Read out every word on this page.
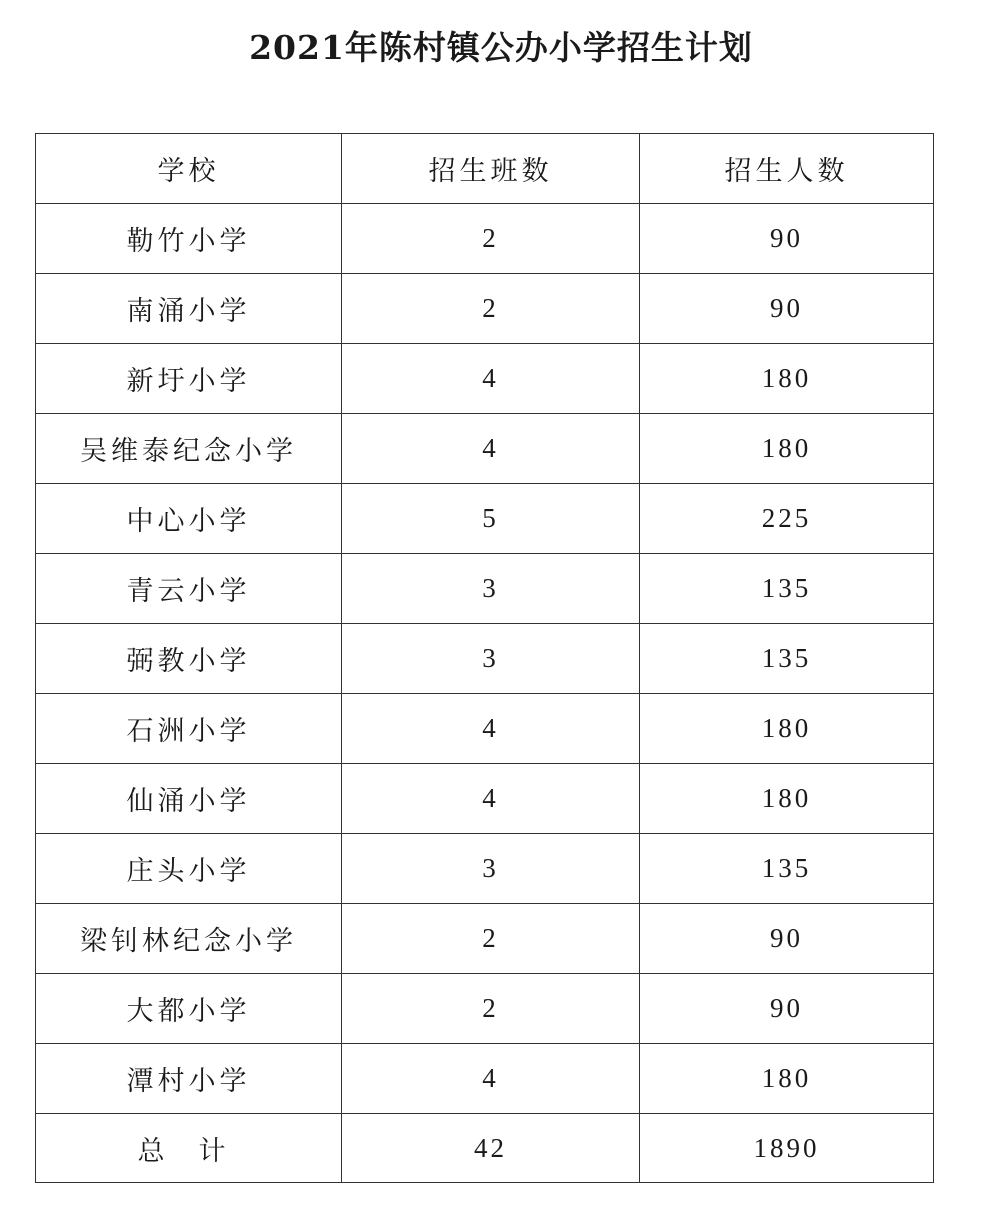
2021年陈村镇公办小学招生计划
学校	招生班数	招生人数
勒竹小学	2	90
南涌小学	2	90
新圩小学	4	180
吴维泰纪念小学	4	180
中心小学	5	225
青云小学	3	135
弼教小学	3	135
石洲小学	4	180
仙涌小学	4	180
庄头小学	3	135
梁钊林纪念小学	2	90
大都小学	2	90
潭村小学	4	180
总计	42	1890
